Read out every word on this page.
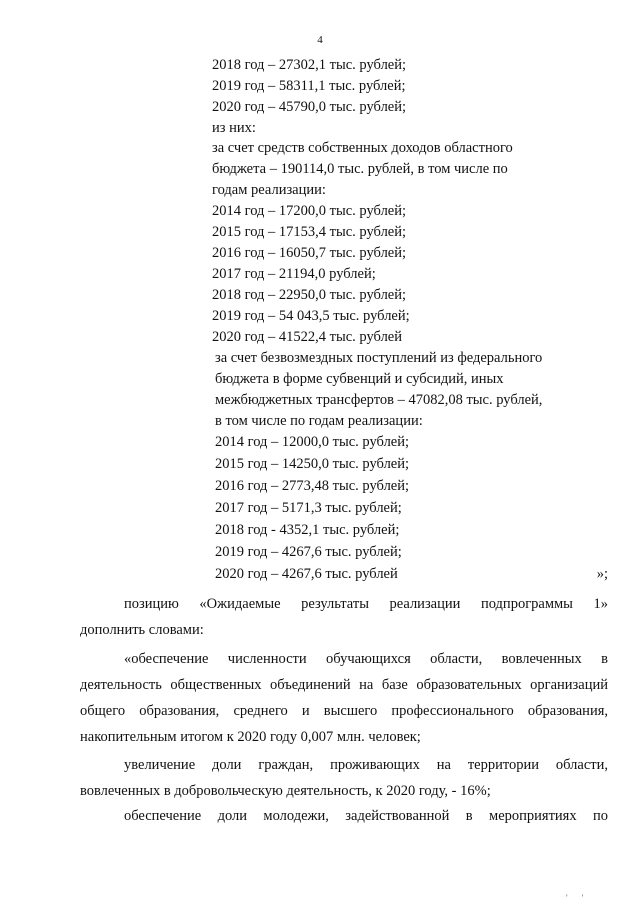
4
2018 год – 27302,1 тыс. рублей;
2019 год – 58311,1 тыс. рублей;
2020 год – 45790,0 тыс. рублей;
из них:
за счет средств собственных доходов областного
бюджета – 190114,0 тыс. рублей, в том числе по
годам реализации:
2014 год – 17200,0 тыс. рублей;
2015 год – 17153,4 тыс. рублей;
2016 год – 16050,7 тыс. рублей;
2017 год – 21194,0 рублей;
2018 год – 22950,0 тыс. рублей;
2019 год – 54 043,5 тыс. рублей;
2020 год – 41522,4 тыс. рублей
за счет безвозмездных поступлений из федерального
бюджета в форме субвенций и субсидий, иных
межбюджетных трансфертов – 47082,08 тыс. рублей,
в том числе по годам реализации:
2014 год – 12000,0 тыс. рублей;
2015 год – 14250,0 тыс. рублей;
2016 год – 2773,48 тыс. рублей;
2017 год – 5171,3 тыс. рублей;
2018 год - 4352,1 тыс. рублей;
2019 год – 4267,6 тыс. рублей;
2020 год – 4267,6 тыс. рублей	»;
позицию «Ожидаемые результаты реализации подпрограммы 1»
дополнить словами:
«обеспечение численности обучающихся области, вовлеченных в
деятельность общественных объединений на базе образовательных организаций общего образования, среднего и высшего профессионального образования, накопительным итогом к 2020 году 0,007 млн. человек;
увеличение доли граждан, проживающих на территории области,
вовлеченных в добровольческую деятельность, к 2020 году, - 16%;
обеспечение доли молодежи, задействованной в мероприятиях по
' '
